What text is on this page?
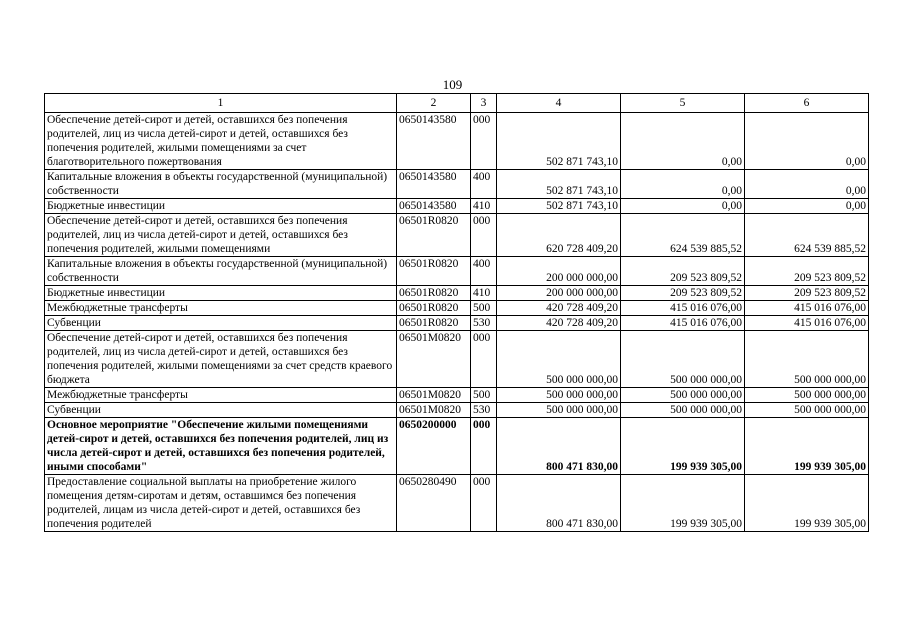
109
1	2	3	4	5	6
Обеспечение детей-сирот и детей, оставшихся без попечения родителей, лиц из числа детей-сирот и детей, оставшихся без попечения родителей, жилыми помещениями за счет благотворительного пожертвования	0650143580	000	502 871 743,10	0,00	0,00
Капитальные вложения в объекты государственной (муниципальной) собственности	0650143580	400	502 871 743,10	0,00	0,00
Бюджетные инвестиции	0650143580	410	502 871 743,10	0,00	0,00
Обеспечение детей-сирот и детей, оставшихся без попечения родителей, лиц из числа детей-сирот и детей, оставшихся без попечения родителей, жилыми помещениями	06501R0820	000	620 728 409,20	624 539 885,52	624 539 885,52
Капитальные вложения в объекты государственной (муниципальной) собственности	06501R0820	400	200 000 000,00	209 523 809,52	209 523 809,52
Бюджетные инвестиции	06501R0820	410	200 000 000,00	209 523 809,52	209 523 809,52
Межбюджетные трансферты	06501R0820	500	420 728 409,20	415 016 076,00	415 016 076,00
Субвенции	06501R0820	530	420 728 409,20	415 016 076,00	415 016 076,00
Обеспечение детей-сирот и детей, оставшихся без попечения родителей, лиц из числа детей-сирот и детей, оставшихся без попечения родителей, жилыми помещениями за счет средств краевого бюджета	06501M0820	000	500 000 000,00	500 000 000,00	500 000 000,00
Межбюджетные трансферты	06501M0820	500	500 000 000,00	500 000 000,00	500 000 000,00
Субвенции	06501M0820	530	500 000 000,00	500 000 000,00	500 000 000,00
Основное мероприятие "Обеспечение жилыми помещениями детей-сирот и детей, оставшихся без попечения родителей, лиц из числа детей-сирот и детей, оставшихся без попечения родителей, иными способами"	0650200000	000	800 471 830,00	199 939 305,00	199 939 305,00
Предоставление социальной выплаты на приобретение жилого помещения детям-сиротам и детям, оставшимся без попечения родителей, лицам из числа детей-сирот и детей, оставшихся без попечения родителей	0650280490	000	800 471 830,00	199 939 305,00	199 939 305,00
